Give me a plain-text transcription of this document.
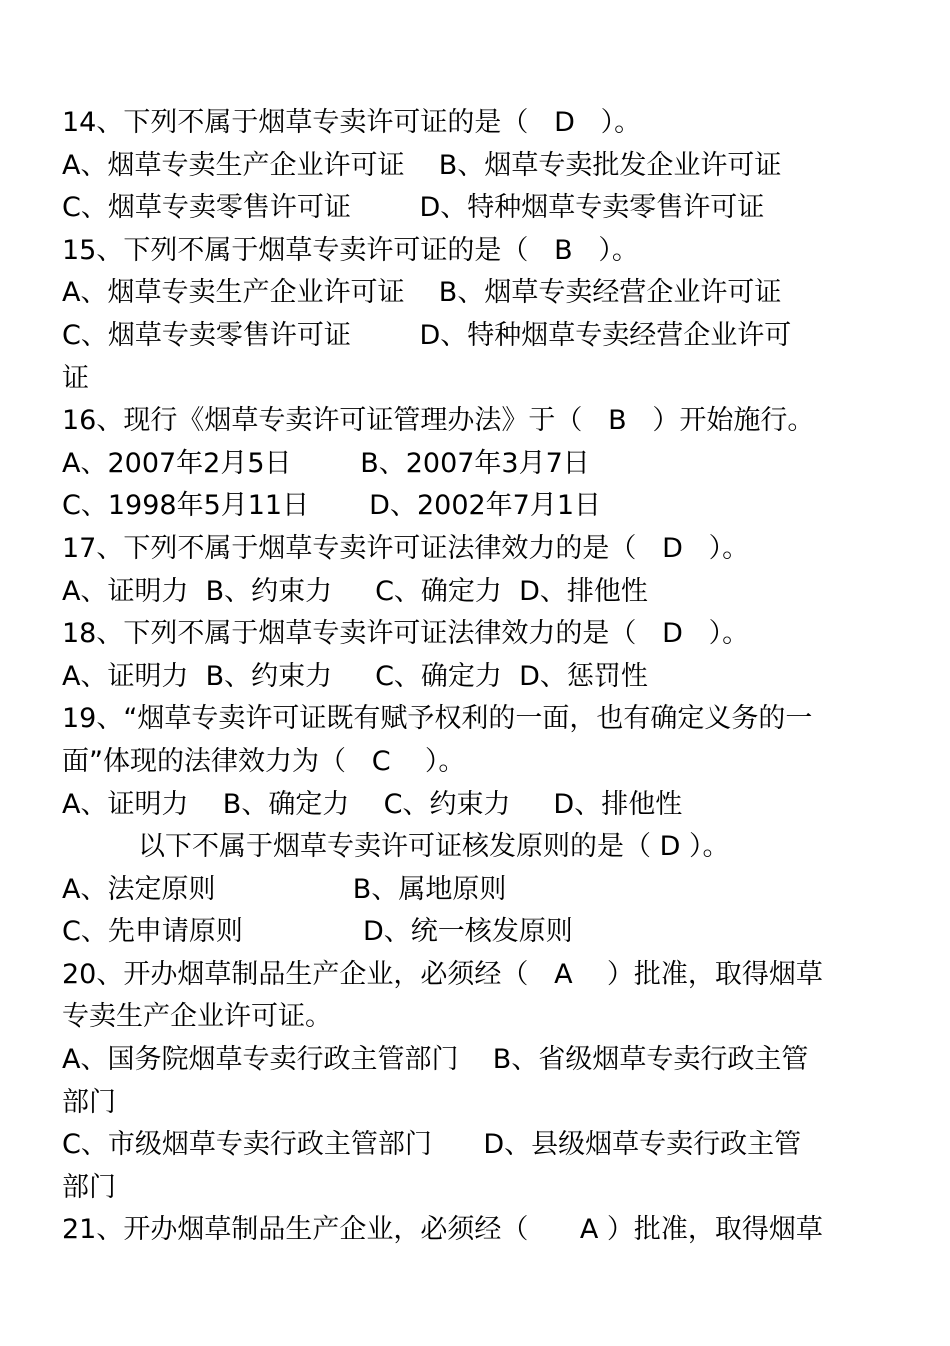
14、下列不属于烟草专卖许可证的是（   D   ）。
A、烟草专卖生产企业许可证    B、烟草专卖批发企业许可证
C、烟草专卖零售许可证        D、特种烟草专卖零售许可证
15、下列不属于烟草专卖许可证的是（   B   ）。
A、烟草专卖生产企业许可证    B、烟草专卖经营企业许可证
C、烟草专卖零售许可证        D、特种烟草专卖经营企业许可
证
16、现行《烟草专卖许可证管理办法》于（   B   ）开始施行。
A、2007年2月5日        B、2007年3月7日
C、1998年5月11日       D、2002年7月1日
17、下列不属于烟草专卖许可证法律效力的是（   D   ）。
A、证明力  B、约束力     C、确定力  D、排他性
18、下列不属于烟草专卖许可证法律效力的是（   D   ）。
A、证明力  B、约束力     C、确定力  D、惩罚性
19、“烟草专卖许可证既有赋予权利的一面，也有确定义务的一
面”体现的法律效力为（   C    ）。
A、证明力    B、确定力    C、约束力     D、排他性
以下不属于烟草专卖许可证核发原则的是（ D ）。
A、法定原则                B、属地原则
C、先申请原则              D、统一核发原则
20、开办烟草制品生产企业，必须经（   A    ）批准，取得烟草
专卖生产企业许可证。
A、国务院烟草专卖行政主管部门    B、省级烟草专卖行政主管
部门
C、市级烟草专卖行政主管部门      D、县级烟草专卖行政主管
部门
21、开办烟草制品生产企业，必须经（      A ）批准，取得烟草
